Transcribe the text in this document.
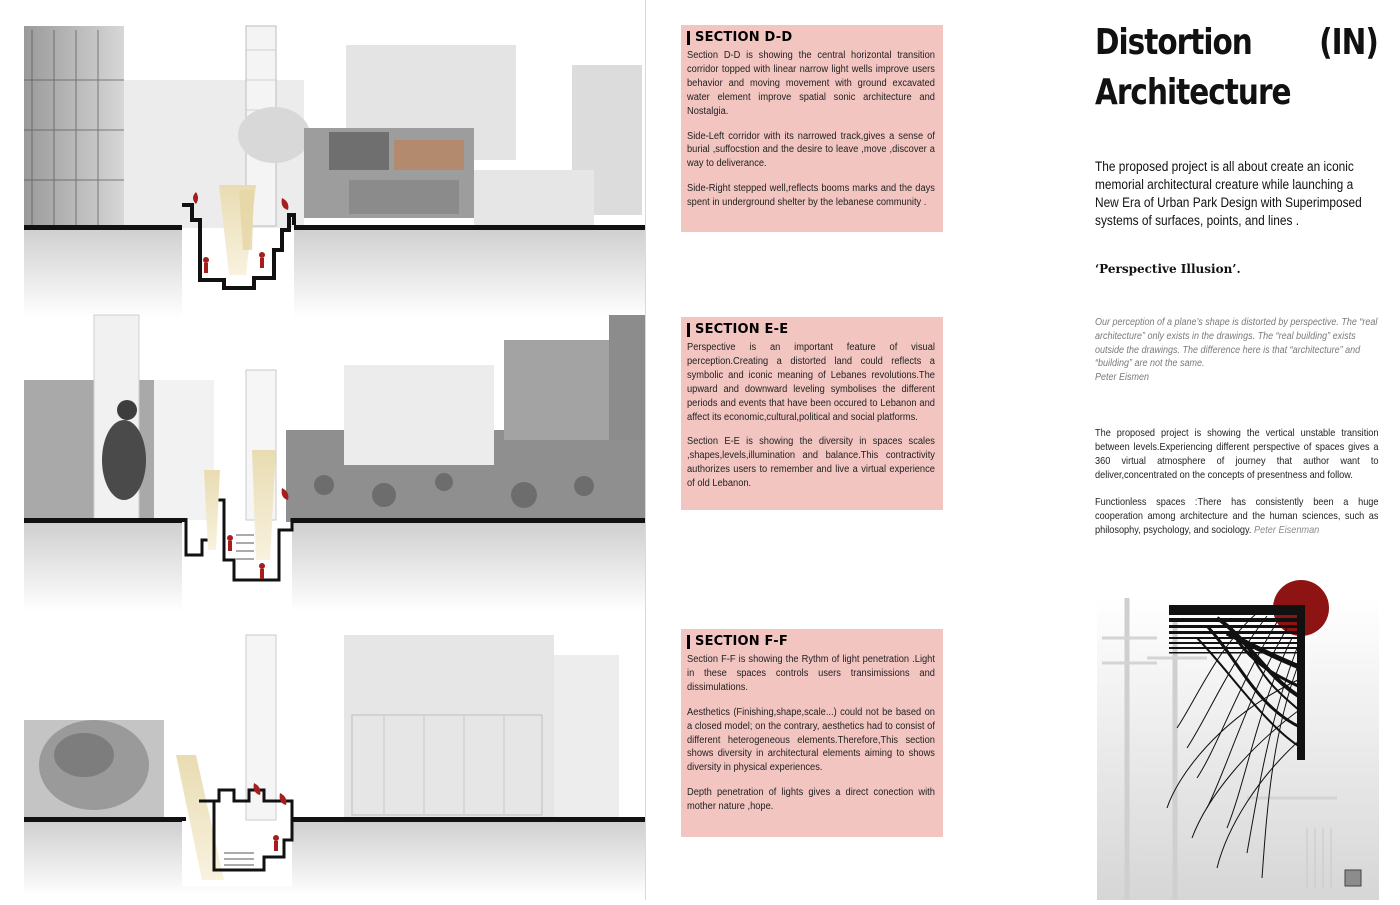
SECTION D-D

Section D-D is showing the central horizontal transition corridor topped with linear narrow light wells improve users behavior and moving movement with ground excavated water element improve spatial sonic architecture and Nostalgia.

Side-Left corridor with its narrowed track,gives a sense of burial ,suffocstion and the desire to leave ,move ,discover a way to deliverance.

Side-Right stepped well,reflects booms marks and the days spent in underground shelter by the lebanese community .

SECTION E-E

Perspective is an important feature of visual perception.Creating a distorted land could reflects a symbolic and iconic meaning of Lebanes revolutions.The upward and downward leveling symbolises the different periods and events that have been occured to Lebanon and affect its economic,cultural,political and social platforms.

Section E-E is showing the diversity in spaces scales ,shapes,levels,illumination and balance.This contractivity authorizes users to remember and live a virtual experience of old Lebanon.

SECTION F-F

Section F-F is showing the Rythm of light penetration .Light in these spaces controls users transimissions and dissimulations.

Aesthetics (Finishing,shape,scale...) could not be based on a closed model; on the contrary, aesthetics had to consist of different heterogeneous elements.Therefore,This section shows diversity in architectural elements aiming to shows diversity in physical experiences.

Depth penetration of lights gives a direct conection with mother nature ,hope.

Distortion (IN)
Architecture
The proposed project is all about create an iconic memorial architectural creature while launching a New Era of Urban Park Design with Superimposed systems of surfaces, points, and lines .
‘Perspective Illusion’.
Our perception of a plane's shape is distorted by perspective. The “real architecture” only exists in the drawings. The “real building” exists outside the drawings. The difference here is that “architecture” and “building” are not the same.
Peter Eismen
The proposed project is showing the vertical unstable transition between levels.Experiencing different perspective of spaces gives a 360 virtual atmosphere of journey that author want to deliver,concentrated on the concepts of presentness and follow.
Functionless spaces :There has consistently been a huge cooperation among architecture and the human sciences, such as philosophy, psychology, and sociology. Peter Eisenman
